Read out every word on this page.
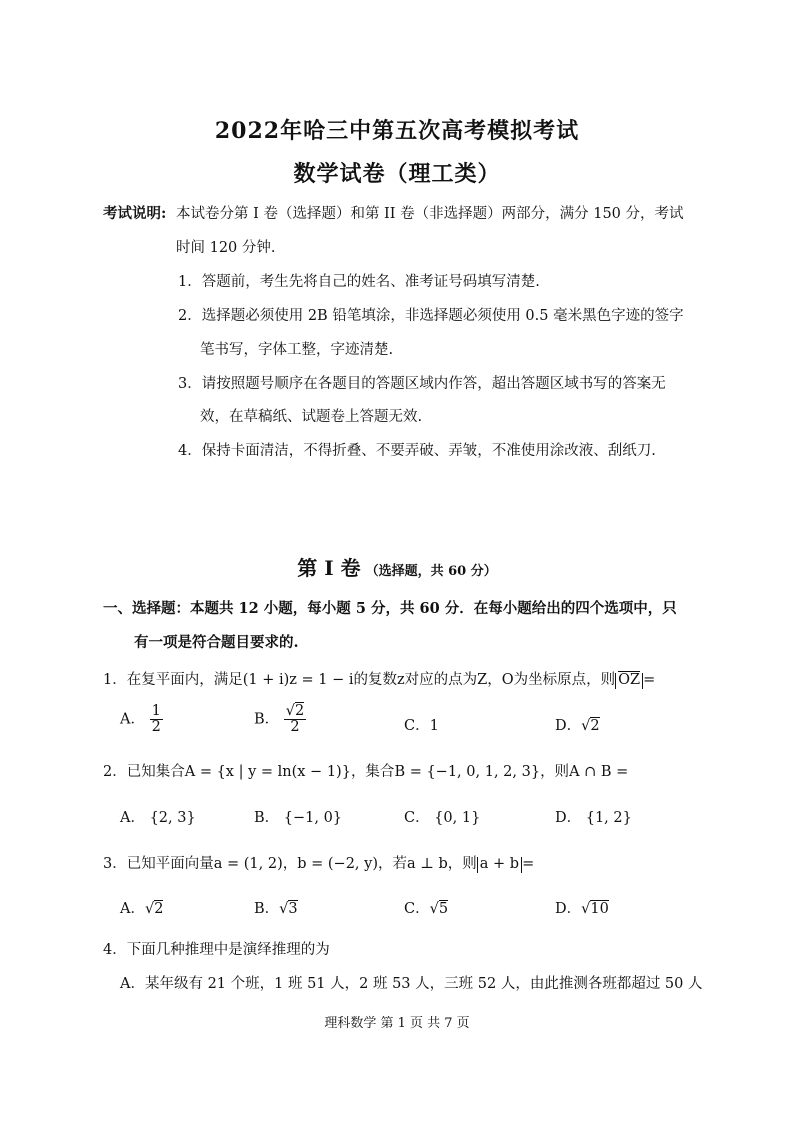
2022年哈三中第五次高考模拟考试
数学试卷（理工类）
考试说明: 本试卷分第 I 卷（选择题）和第 II 卷（非选择题）两部分，满分 150 分，考试
时间 120 分钟.
1．答题前，考生先将自己的姓名、准考证号码填写清楚.
2．选择题必须使用 2B 铅笔填涂，非选择题必须使用 0.5 毫米黑色字迹的签字
笔书写，字体工整，字迹清楚.
3．请按照题号顺序在各题目的答题区域内作答，超出答题区域书写的答案无
效，在草稿纸、试题卷上答题无效.
4．保持卡面清洁，不得折叠、不要弄破、弄皱，不准使用涂改液、刮纸刀.
第 I 卷 （选择题，共 60 分）
一、选择题：本题共 12 小题，每小题 5 分，共 60 分．在每小题给出的四个选项中，只
有一项是符合题目要求的.
1．在复平面内，满足(1 + i)z = 1 − i的复数z对应的点为Z，O为坐标原点，则 OZ =
A． $\frac{1}{2}$	B． $\frac{√2}{2}$	C．1	D．√2
2．已知集合A = {x | y = ln(x − 1)}，集合B = {−1, 0, 1, 2, 3}，则A ∩ B =
A． {2, 3}	B． {−1, 0}	C． {0, 1}	D． {1, 2}
3．已知平面向量a = (1, 2)，b = (−2, y)，若a ⊥ b，则 a + b =
A．√2	B．√3	C．√5	D．√10
4．下面几种推理中是演绎推理的为
A．某年级有 21 个班，1 班 51 人，2 班 53 人，三班 52 人，由此推测各班都超过 50 人
理科数学 第 1 页 共 7 页
